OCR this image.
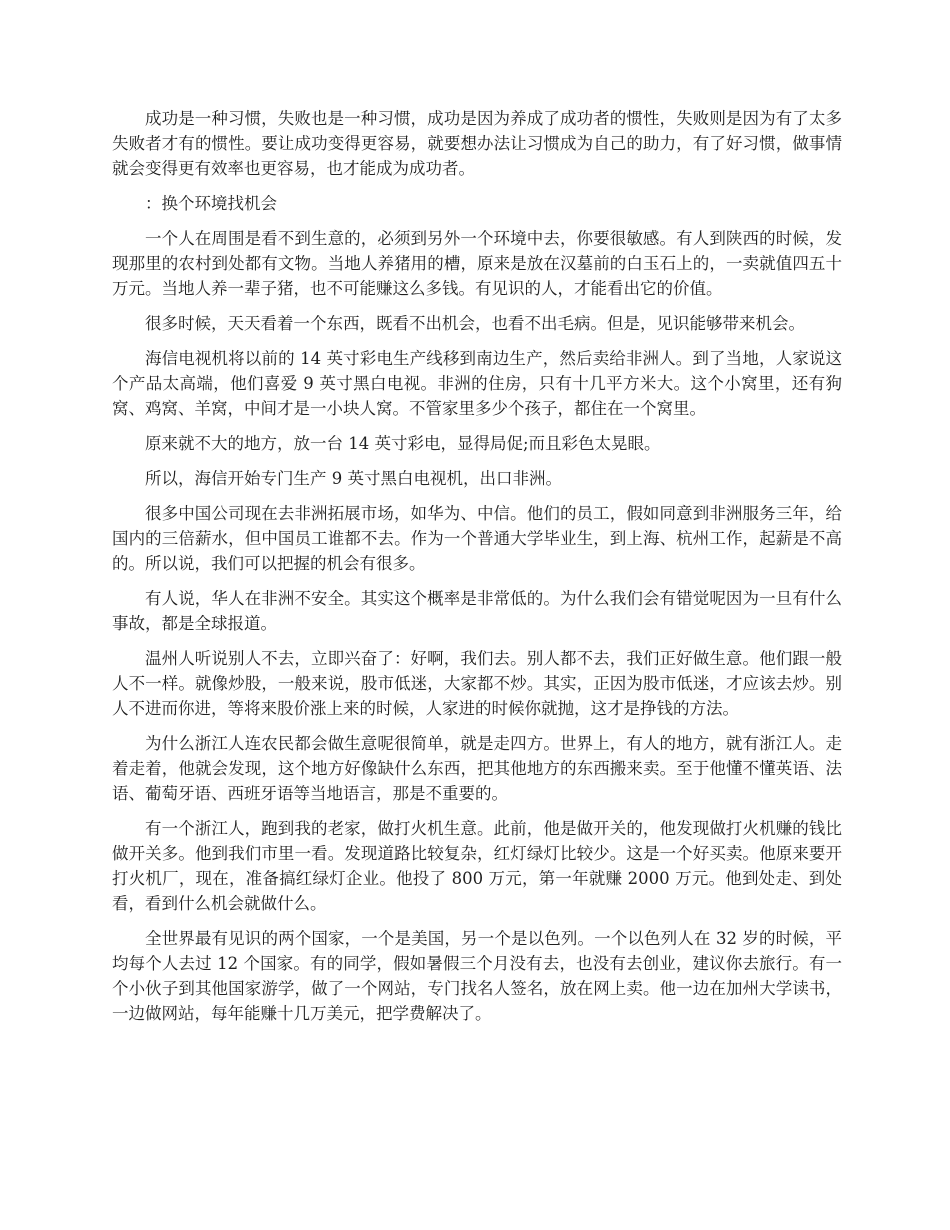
成功是一种习惯，失败也是一种习惯，成功是因为养成了成功者的惯性，失败则是因为有了太多失败者才有的惯性。要让成功变得更容易，就要想办法让习惯成为自己的助力，有了好习惯，做事情就会变得更有效率也更容易，也才能成为成功者。

：换个环境找机会

一个人在周围是看不到生意的，必须到另外一个环境中去，你要很敏感。有人到陕西的时候，发现那里的农村到处都有文物。当地人养猪用的槽，原来是放在汉墓前的白玉石上的，一卖就值四五十万元。当地人养一辈子猪，也不可能赚这么多钱。有见识的人，才能看出它的价值。

很多时候，天天看着一个东西，既看不出机会，也看不出毛病。但是，见识能够带来机会。

海信电视机将以前的 14 英寸彩电生产线移到南边生产，然后卖给非洲人。到了当地，人家说这个产品太高端，他们喜爱 9 英寸黑白电视。非洲的住房，只有十几平方米大。这个小窝里，还有狗窝、鸡窝、羊窝，中间才是一小块人窝。不管家里多少个孩子，都住在一个窝里。

原来就不大的地方，放一台 14 英寸彩电，显得局促;而且彩色太晃眼。

所以，海信开始专门生产 9 英寸黑白电视机，出口非洲。

很多中国公司现在去非洲拓展市场，如华为、中信。他们的员工，假如同意到非洲服务三年，给国内的三倍薪水，但中国员工谁都不去。作为一个普通大学毕业生，到上海、杭州工作，起薪是不高的。所以说，我们可以把握的机会有很多。

有人说，华人在非洲不安全。其实这个概率是非常低的。为什么我们会有错觉呢因为一旦有什么事故，都是全球报道。

温州人听说别人不去，立即兴奋了：好啊，我们去。别人都不去，我们正好做生意。他们跟一般人不一样。就像炒股，一般来说，股市低迷，大家都不炒。其实，正因为股市低迷，才应该去炒。别人不进而你进，等将来股价涨上来的时候，人家进的时候你就抛，这才是挣钱的方法。

为什么浙江人连农民都会做生意呢很简单，就是走四方。世界上，有人的地方，就有浙江人。走着走着，他就会发现，这个地方好像缺什么东西，把其他地方的东西搬来卖。至于他懂不懂英语、法语、葡萄牙语、西班牙语等当地语言，那是不重要的。

有一个浙江人，跑到我的老家，做打火机生意。此前，他是做开关的，他发现做打火机赚的钱比做开关多。他到我们市里一看。发现道路比较复杂，红灯绿灯比较少。这是一个好买卖。他原来要开打火机厂，现在，准备搞红绿灯企业。他投了 800 万元，第一年就赚 2000 万元。他到处走、到处看，看到什么机会就做什么。

全世界最有见识的两个国家，一个是美国，另一个是以色列。一个以色列人在 32 岁的时候，平均每个人去过 12 个国家。有的同学，假如暑假三个月没有去，也没有去创业，建议你去旅行。有一个小伙子到其他国家游学，做了一个网站，专门找名人签名，放在网上卖。他一边在加州大学读书，一边做网站，每年能赚十几万美元，把学费解决了。
